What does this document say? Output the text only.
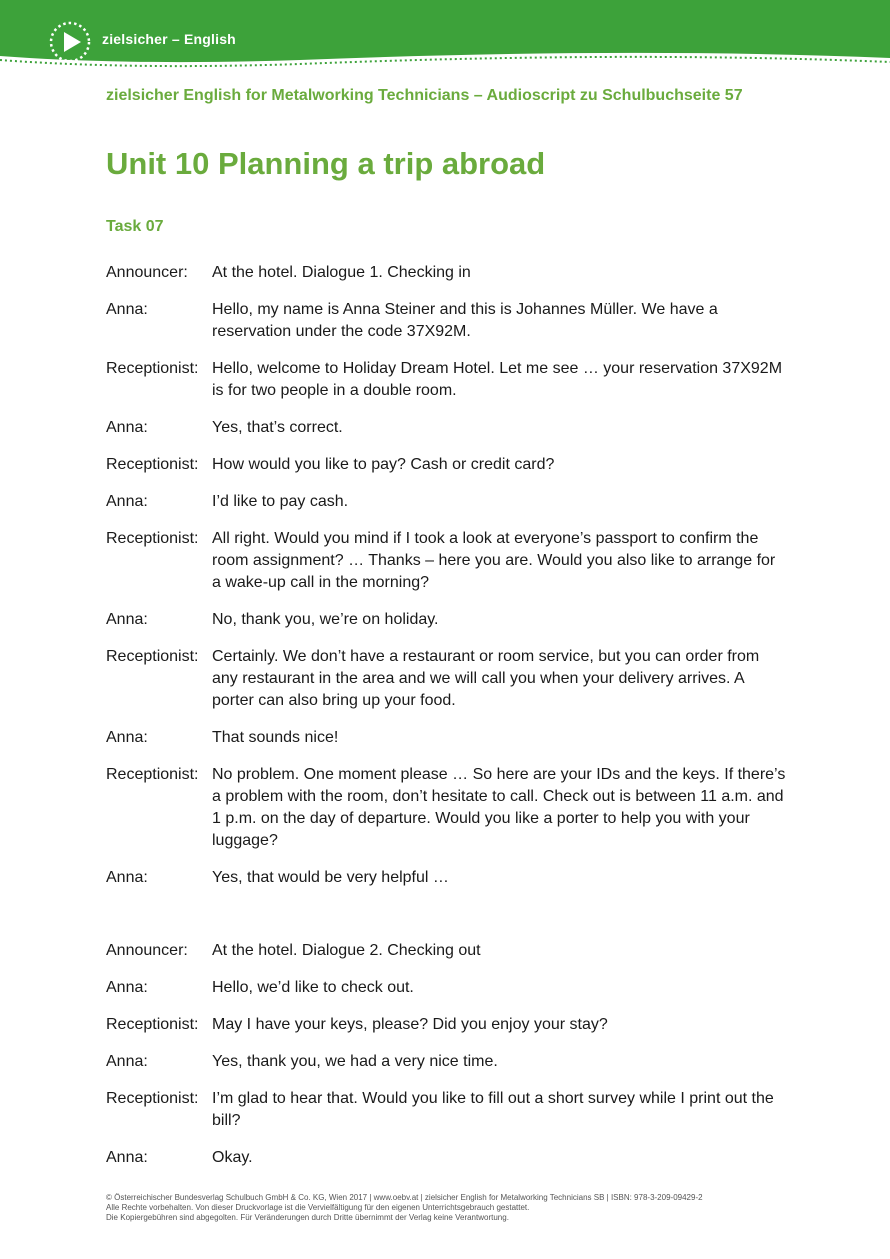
zielsicher – English
zielsicher English for Metalworking Technicians – Audioscript zu Schulbuchseite 57
Unit 10 Planning a trip abroad
Task 07
Announcer:	At the hotel. Dialogue 1. Checking in
Anna:	Hello, my name is Anna Steiner and this is Johannes Müller. We have a reservation under the code 37X92M.
Receptionist: Hello, welcome to Holiday Dream Hotel. Let me see … your reservation 37X92M is for two people in a double room.
Anna:	Yes, that’s correct.
Receptionist: How would you like to pay? Cash or credit card?
Anna:	I’d like to pay cash.
Receptionist: All right. Would you mind if I took a look at everyone’s passport to confirm the room assignment? … Thanks – here you are. Would you also like to arrange for a wake-up call in the morning?
Anna:	No, thank you, we’re on holiday.
Receptionist: Certainly. We don’t have a restaurant or room service, but you can order from any restaurant in the area and we will call you when your delivery arrives. A porter can also bring up your food.
Anna:	That sounds nice!
Receptionist: No problem. One moment please … So here are your IDs and the keys. If there’s a problem with the room, don’t hesitate to call. Check out is between 11 a.m. and 1 p.m. on the day of departure. Would you like a porter to help you with your luggage?
Anna:	Yes, that would be very helpful …
Announcer:	At the hotel. Dialogue 2. Checking out
Anna:	Hello, we’d like to check out.
Receptionist: May I have your keys, please? Did you enjoy your stay?
Anna:	Yes, thank you, we had a very nice time.
Receptionist: I’m glad to hear that. Would you like to fill out a short survey while I print out the bill?
Anna:	Okay.
© Österreichischer Bundesverlag Schulbuch GmbH & Co. KG, Wien 2017 | www.oebv.at | zielsicher English for Metalworking Technicians SB | ISBN: 978-3-209-09429-2
Alle Rechte vorbehalten. Von dieser Druckvorlage ist die Vervielfältigung für den eigenen Unterrichtsgebrauch gestattet.
Die Kopiergebühren sind abgegolten. Für Veränderungen durch Dritte übernimmt der Verlag keine Verantwortung.
